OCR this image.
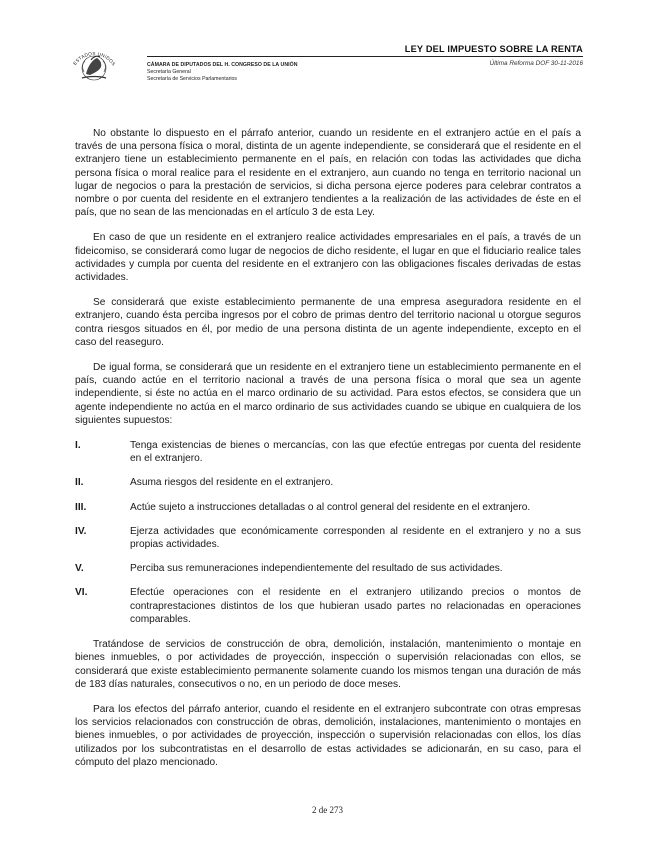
ESTADOS UNIDOS
LEY DEL IMPUESTO SOBRE LA RENTA
Última Reforma DOF 30-11-2016
CÁMARA DE DIPUTADOS DEL H. CONGRESO DE LA UNIÓN
Secretaría General
Secretaría de Servicios Parlamentarios

No obstante lo dispuesto en el párrafo anterior, cuando un residente en el extranjero actúe en el país a través de una persona física o moral, distinta de un agente independiente, se considerará que el residente en el extranjero tiene un establecimiento permanente en el país, en relación con todas las actividades que dicha persona física o moral realice para el residente en el extranjero, aun cuando no tenga en territorio nacional un lugar de negocios o para la prestación de servicios, si dicha persona ejerce poderes para celebrar contratos a nombre o por cuenta del residente en el extranjero tendientes a la realización de las actividades de éste en el país, que no sean de las mencionadas en el artículo 3 de esta Ley.

En caso de que un residente en el extranjero realice actividades empresariales en el país, a través de un fideicomiso, se considerará como lugar de negocios de dicho residente, el lugar en que el fiduciario realice tales actividades y cumpla por cuenta del residente en el extranjero con las obligaciones fiscales derivadas de estas actividades.

Se considerará que existe establecimiento permanente de una empresa aseguradora residente en el extranjero, cuando ésta perciba ingresos por el cobro de primas dentro del territorio nacional u otorgue seguros contra riesgos situados en él, por medio de una persona distinta de un agente independiente, excepto en el caso del reaseguro.

De igual forma, se considerará que un residente en el extranjero tiene un establecimiento permanente en el país, cuando actúe en el territorio nacional a través de una persona física o moral que sea un agente independiente, si éste no actúa en el marco ordinario de su actividad. Para estos efectos, se considera que un agente independiente no actúa en el marco ordinario de sus actividades cuando se ubique en cualquiera de los siguientes supuestos:

I.	Tenga existencias de bienes o mercancías, con las que efectúe entregas por cuenta del residente en el extranjero.
II.	Asuma riesgos del residente en el extranjero.
III.	Actúe sujeto a instrucciones detalladas o al control general del residente en el extranjero.
IV.	Ejerza actividades que económicamente corresponden al residente en el extranjero y no a sus propias actividades.
V.	Perciba sus remuneraciones independientemente del resultado de sus actividades.
VI.	Efectúe operaciones con el residente en el extranjero utilizando precios o montos de contraprestaciones distintos de los que hubieran usado partes no relacionadas en operaciones comparables.

Tratándose de servicios de construcción de obra, demolición, instalación, mantenimiento o montaje en bienes inmuebles, o por actividades de proyección, inspección o supervisión relacionadas con ellos, se considerará que existe establecimiento permanente solamente cuando los mismos tengan una duración de más de 183 días naturales, consecutivos o no, en un periodo de doce meses.

Para los efectos del párrafo anterior, cuando el residente en el extranjero subcontrate con otras empresas los servicios relacionados con construcción de obras, demolición, instalaciones, mantenimiento o montajes en bienes inmuebles, o por actividades de proyección, inspección o supervisión relacionadas con ellos, los días utilizados por los subcontratistas en el desarrollo de estas actividades se adicionarán, en su caso, para el cómputo del plazo mencionado.

2 de 273
